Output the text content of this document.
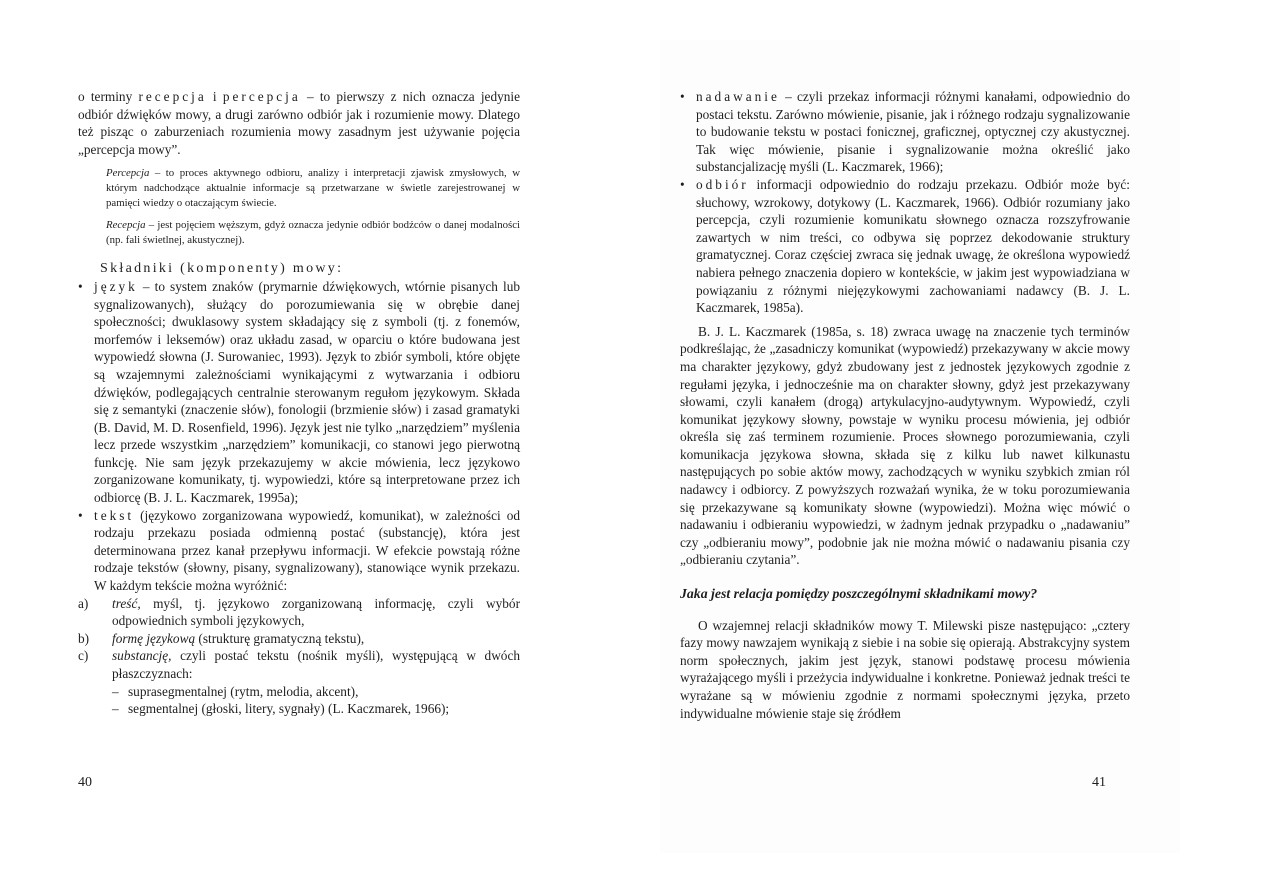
o terminy recepcja i percepcja – to pierwszy z nich oznacza jedynie odbiór dźwięków mowy, a drugi zarówno odbiór jak i rozumienie mowy. Dlatego też pisząc o zaburzeniach rozumienia mowy zasadnym jest używanie pojęcia „percepcja mowy”.

Percepcja – to proces aktywnego odbioru, analizy i interpretacji zjawisk zmysłowych, w którym nadchodzące aktualnie informacje są przetwarzane w świetle zarejestrowanej w pamięci wiedzy o otaczającym świecie.

Recepcja – jest pojęciem węższym, gdyż oznacza jedynie odbiór bodźców o danej modalności (np. fali świetlnej, akustycznej).

Składniki (komponenty) mowy:
• język – to system znaków (prymarnie dźwiękowych, wtórnie pisanych lub sygnalizowanych), służący do porozumiewania się w obrębie danej społeczności; dwuklasowy system składający się z symboli (tj. z fonemów, morfemów i leksemów) oraz układu zasad, w oparciu o które budowana jest wypowiedź słowna (J. Surowaniec, 1993). Język to zbiór symboli, które objęte są wzajemnymi zależnościami wynikającymi z wytwarzania i odbioru dźwięków, podlegających centralnie sterowanym regułom językowym. Składa się z semantyki (znaczenie słów), fonologii (brzmienie słów) i zasad gramatyki (B. David, M. D. Rosenfield, 1996). Język jest nie tylko „narzędziem” myślenia lecz przede wszystkim „narzędziem” komunikacji, co stanowi jego pierwotną funkcję. Nie sam język przekazujemy w akcie mówienia, lecz językowo zorganizowane komunikaty, tj. wypowiedzi, które są interpretowane przez ich odbiorcę (B. J. L. Kaczmarek, 1995a);
• tekst (językowo zorganizowana wypowiedź, komunikat), w zależności od rodzaju przekazu posiada odmienną postać (substancję), która jest determinowana przez kanał przepływu informacji. W efekcie powstają różne rodzaje tekstów (słowny, pisany, sygnalizowany), stanowiące wynik przekazu. W każdym tekście można wyróżnić:
a) treść, myśl, tj. językowo zorganizowaną informację, czyli wybór odpowiednich symboli językowych,
b) formę językową (strukturę gramatyczną tekstu),
c) substancję, czyli postać tekstu (nośnik myśli), występującą w dwóch płaszczyznach:
– suprasegmentalnej (rytm, melodia, akcent),
– segmentalnej (głoski, litery, sygnały) (L. Kaczmarek, 1966);
40
• nadawanie – czyli przekaz informacji różnymi kanałami, odpowiednio do postaci tekstu. Zarówno mówienie, pisanie, jak i różnego rodzaju sygnalizowanie to budowanie tekstu w postaci fonicznej, graficznej, optycznej czy akustycznej. Tak więc mówienie, pisanie i sygnalizowanie można określić jako substancjalizację myśli (L. Kaczmarek, 1966);
• odbiór informacji odpowiednio do rodzaju przekazu. Odbiór może być: słuchowy, wzrokowy, dotykowy (L. Kaczmarek, 1966). Odbiór rozumiany jako percepcja, czyli rozumienie komunikatu słownego oznacza rozszyfrowanie zawartych w nim treści, co odbywa się poprzez dekodowanie struktury gramatycznej. Coraz częściej zwraca się jednak uwagę, że określona wypowiedź nabiera pełnego znaczenia dopiero w kontekście, w jakim jest wypowiadziana w powiązaniu z różnymi niejęzykowymi zachowaniami nadawcy (B. J. L. Kaczmarek, 1985a).

B. J. L. Kaczmarek (1985a, s. 18) zwraca uwagę na znaczenie tych terminów podkreślając, że „zasadniczy komunikat (wypowiedź) przekazywany w akcie mowy ma charakter językowy, gdyż zbudowany jest z jednostek językowych zgodnie z regułami języka, i jednocześnie ma on charakter słowny, gdyż jest przekazywany słowami, czyli kanałem (drogą) artykulacyjno-audytywnym. Wypowiedź, czyli komunikat językowy słowny, powstaje w wyniku procesu mówienia, jej odbiór określa się zaś terminem rozumienie. Proces słownego porozumiewania, czyli komunikacja językowa słowna, składa się z kilku lub nawet kilkunastu następujących po sobie aktów mowy, zachodzących w wyniku szybkich zmian ról nadawcy i odbiorcy. Z powyższych rozważań wynika, że w toku porozumiewania się przekazywane są komunikaty słowne (wypowiedzi). Można więc mówić o nadawaniu i odbieraniu wypowiedzi, w żadnym jednak przypadku o „nadawaniu” czy „odbieraniu mowy”, podobnie jak nie można mówić o nadawaniu pisania czy „odbieraniu czytania”.

Jaka jest relacja pomiędzy poszczególnymi składnikami mowy?

O wzajemnej relacji składników mowy T. Milewski pisze następująco: „cztery fazy mowy nawzajem wynikają z siebie i na sobie się opierają. Abstrakcyjny system norm społecznych, jakim jest język, stanowi podstawę procesu mówienia wyrażającego myśli i przeżycia indywidualne i konkretne. Ponieważ jednak treści te wyrażane są w mówieniu zgodnie z normami społecznymi języka, przeto indywidualne mówienie staje się źródłem

41
